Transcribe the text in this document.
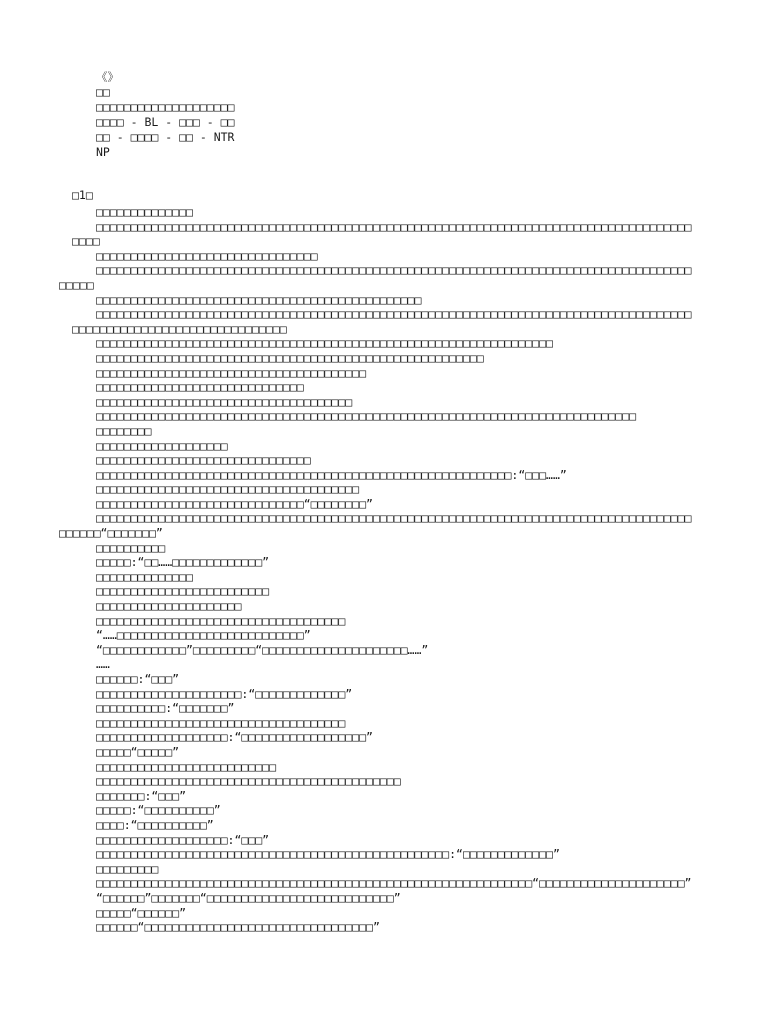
《》
□□
□□□□□□□□□□□□□□□□□□□□
□□□□ - BL - □□□ - □□
□□ - □□□□ - □□ - NTR
NP
□1□

□□□□□□□□□□□□□□

□□□□□□□□□□□□□□□□□□□□□□□□□□□□□□□□□□□□□□□□□□□□□□□□□□□□□□□□□□□□□□□□□□□□□□□□□□□□□□□□□□□□□□□□□□

□□□□□□□□□□□□□□□□□□□□□□□□□□□□□□□□

□□□□□□□□□□□□□□□□□□□□□□□□□□□□□□□□□□□□□□□□□□□□□□□□□□□□□□□□□□□□□□□□□□□□□□□□□□□□□□□□□□□□□□□□□□□

□□□□□□□□□□□□□□□□□□□□□□□□□□□□□□□□□□□□□□□□□□□□□□□

□□□□□□□□□□□□□□□□□□□□□□□□□□□□□□□□□□□□□□□□□□□□□□□□□□□□□□□□□□□□□□□□□□□□□□□□□□□□□□□□□□□□□□□□□□□□□□□□□□□□□□□□□□□□□□□□□□□□□

□□□□□□□□□□□□□□□□□□□□□□□□□□□□□□□□□□□□□□□□□□□□□□□□□□□□□□□□□□□□□□□□□□

□□□□□□□□□□□□□□□□□□□□□□□□□□□□□□□□□□□□□□□□□□□□□□□□□□□□□□□□

□□□□□□□□□□□□□□□□□□□□□□□□□□□□□□□□□□□□□□□

□□□□□□□□□□□□□□□□□□□□□□□□□□□□□□

□□□□□□□□□□□□□□□□□□□□□□□□□□□□□□□□□□□□□

□□□□□□□□□□□□□□□□□□□□□□□□□□□□□□□□□□□□□□□□□□□□□□□□□□□□□□□□□□□□□□□□□□□□□□□□□□□□□□

□□□□□□□□

□□□□□□□□□□□□□□□□□□□

□□□□□□□□□□□□□□□□□□□□□□□□□□□□□□□

□□□□□□□□□□□□□□□□□□□□□□□□□□□□□□□□□□□□□□□□□□□□□□□□□□□□□□□□□□□□:“□□□……”

□□□□□□□□□□□□□□□□□□□□□□□□□□□□□□□□□□□□□□

□□□□□□□□□□□□□□□□□□□□□□□□□□□□□□“□□□□□□□□”

□□□□□□□□□□□□□□□□□□□□□□□□□□□□□□□□□□□□□□□□□□□□□□□□□□□□□□□□□□□□□□□□□□□□□□□□□□□□□□□□□□□□□□□□□□□□“□□□□□□□”

□□□□□□□□□□

□□□□□:“□□……□□□□□□□□□□□□□”

□□□□□□□□□□□□□□

□□□□□□□□□□□□□□□□□□□□□□□□□

□□□□□□□□□□□□□□□□□□□□□

□□□□□□□□□□□□□□□□□□□□□□□□□□□□□□□□□□□□

“……□□□□□□□□□□□□□□□□□□□□□□□□□□□”

“□□□□□□□□□□□□”□□□□□□□□□“□□□□□□□□□□□□□□□□□□□□□……”

……

□□□□□□:“□□□”

□□□□□□□□□□□□□□□□□□□□□:“□□□□□□□□□□□□□”

□□□□□□□□□□:“□□□□□□□”

□□□□□□□□□□□□□□□□□□□□□□□□□□□□□□□□□□□□

□□□□□□□□□□□□□□□□□□□:“□□□□□□□□□□□□□□□□□□”

□□□□□“□□□□□”

□□□□□□□□□□□□□□□□□□□□□□□□□□

□□□□□□□□□□□□□□□□□□□□□□□□□□□□□□□□□□□□□□□□□□□□

□□□□□□□:“□□□”

□□□□□:“□□□□□□□□□□”

□□□□:“□□□□□□□□□□”

□□□□□□□□□□□□□□□□□□□:“□□□”

□□□□□□□□□□□□□□□□□□□□□□□□□□□□□□□□□□□□□□□□□□□□□□□□□□□:“□□□□□□□□□□□□□”

□□□□□□□□□

□□□□□□□□□□□□□□□□□□□□□□□□□□□□□□□□□□□□□□□□□□□□□□□□□□□□□□□□□□□□□□□“□□□□□□□□□□□□□□□□□□□□□”

“□□□□□□”□□□□□□□“□□□□□□□□□□□□□□□□□□□□□□□□□□□”

□□□□□“□□□□□□”

□□□□□□“□□□□□□□□□□□□□□□□□□□□□□□□□□□□□□□□□”
